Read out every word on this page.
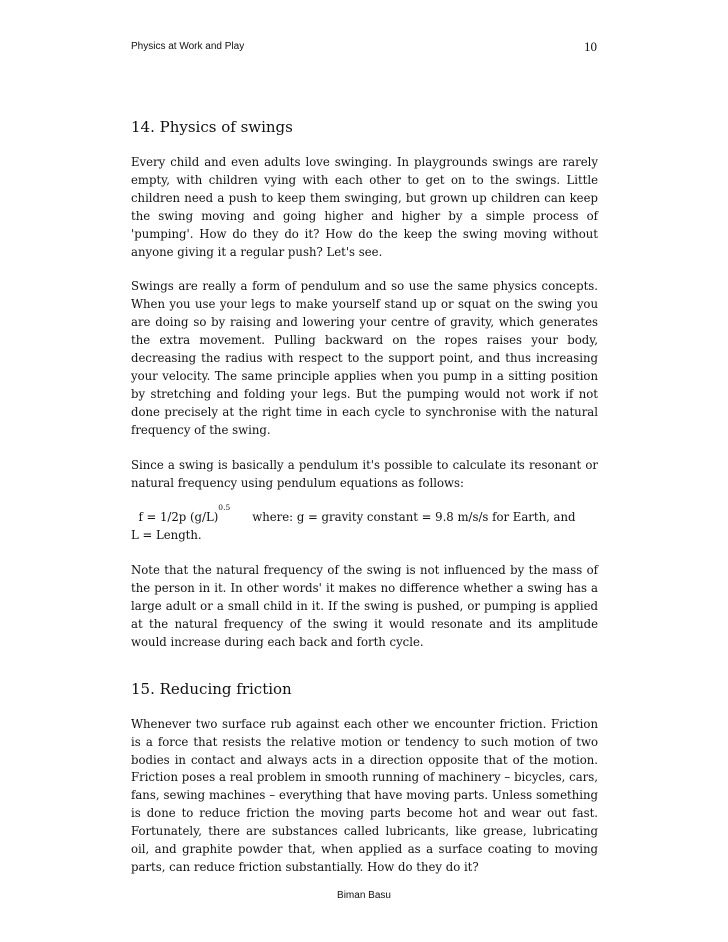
Physics at Work and Play	10
14. Physics of swings

Every child and even adults love swinging. In playgrounds swings are rarely empty, with children vying with each other to get on to the swings. Little children need a push to keep them swinging, but grown up children can keep the swing moving and going higher and higher by a simple process of 'pumping'. How do they do it? How do the keep the swing moving without anyone giving it a regular push? Let's see.

Swings are really a form of pendulum and so use the same physics concepts. When you use your legs to make yourself stand up or squat on the swing you are doing so by raising and lowering your centre of gravity, which generates the extra movement. Pulling backward on the ropes raises your body, decreasing the radius with respect to the support point, and thus increasing your velocity. The same principle applies when you pump in a sitting position by stretching and folding your legs. But the pumping would not work if not done precisely at the right time in each cycle to synchronise with the natural frequency of the swing.

Since a swing is basically a pendulum it's possible to calculate its resonant or natural frequency using pendulum equations as follows:

f = 1/2p $(g/L)^{0.5}where$: g = gravity constant = 9.8 m/s/s for Earth, and
L = Length.

Note that the natural frequency of the swing is not influenced by the mass of the person in it. In other words' it makes no difference whether a swing has a large adult or a small child in it. If the swing is pushed, or pumping is applied at the natural frequency of the swing it would resonate and its amplitude would increase during each back and forth cycle.

15. Reducing friction

Whenever two surface rub against each other we encounter friction. Friction is a force that resists the relative motion or tendency to such motion of two bodies in contact and always acts in a direction opposite that of the motion. Friction poses a real problem in smooth running of machinery – bicycles, cars, fans, sewing machines – everything that have moving parts. Unless something is done to reduce friction the moving parts become hot and wear out fast. Fortunately, there are substances called lubricants, like grease, lubricating oil, and graphite powder that, when applied as a surface coating to moving parts, can reduce friction substantially. How do they do it?

Biman Basu
